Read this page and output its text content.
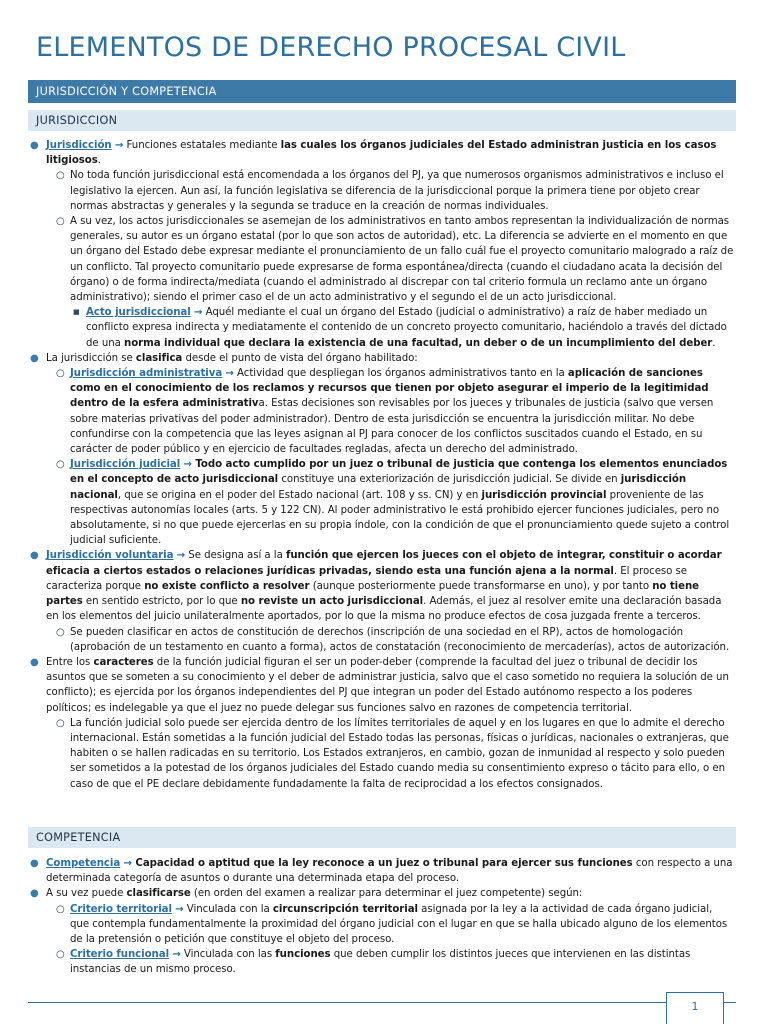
ELEMENTOS DE DERECHO PROCESAL CIVIL
JURISDICCIÓN Y COMPETENCIA
JURISDICCION

● Jurisdicción → Funciones estatales mediante las cuales los órganos judiciales del Estado administran justicia en los casos litigiosos.

○ No toda función jurisdiccional está encomendada a los órganos del PJ, ya que numerosos organismos administrativos e incluso el legislativo la ejercen. Aun así, la función legislativa se diferencia de la jurisdiccional porque la primera tiene por objeto crear normas abstractas y generales y la segunda se traduce en la creación de normas individuales.

○ A su vez, los actos jurisdiccionales se asemejan de los administrativos en tanto ambos representan la individualización de normas generales, su autor es un órgano estatal (por lo que son actos de autoridad), etc. La diferencia se advierte en el momento en que un órgano del Estado debe expresar mediante el pronunciamiento de un fallo cuál fue el proyecto comunitario malogrado a raíz de un conflicto. Tal proyecto comunitario puede expresarse de forma espontánea/directa (cuando el ciudadano acata la decisión del órgano) o de forma indirecta/mediata (cuando el administrado al discrepar con tal criterio formula un reclamo ante un órgano administrativo); siendo el primer caso el de un acto administrativo y el segundo el de un acto jurisdiccional.

■ Acto jurisdiccional → Aquél mediante el cual un órgano del Estado (judicial o administrativo) a raíz de haber mediado un conflicto expresa indirecta y mediatamente el contenido de un concreto proyecto comunitario, haciéndolo a través del dictado de una norma individual que declara la existencia de una facultad, un deber o de un incumplimiento del deber.

● La jurisdicción se clasifica desde el punto de vista del órgano habilitado:

○ Jurisdicción administrativa → Actividad que despliegan los órganos administrativos tanto en la aplicación de sanciones como en el conocimiento de los reclamos y recursos que tienen por objeto asegurar el imperio de la legitimidad dentro de la esfera administrativa. Estas decisiones son revisables por los jueces y tribunales de justicia (salvo que versen sobre materias privativas del poder administrador). Dentro de esta jurisdicción se encuentra la jurisdicción militar. No debe confundirse con la competencia que las leyes asignan al PJ para conocer de los conflictos suscitados cuando el Estado, en su carácter de poder público y en ejercicio de facultades regladas, afecta un derecho del administrado.

○ Jurisdicción judicial → Todo acto cumplido por un juez o tribunal de justicia que contenga los elementos enunciados en el concepto de acto jurisdiccional constituye una exteriorización de jurisdicción judicial. Se divide en jurisdicción nacional, que se origina en el poder del Estado nacional (art. 108 y ss. CN) y en jurisdicción provincial proveniente de las respectivas autonomías locales (arts. 5 y 122 CN). Al poder administrativo le está prohibido ejercer funciones judiciales, pero no absolutamente, si no que puede ejercerlas en su propia índole, con la condición de que el pronunciamiento quede sujeto a control judicial suficiente.

● Jurisdicción voluntaria → Se designa así a la función que ejercen los jueces con el objeto de integrar, constituir o acordar eficacia a ciertos estados o relaciones jurídicas privadas, siendo esta una función ajena a la normal. El proceso se caracteriza porque no existe conflicto a resolver (aunque posteriormente puede transformarse en uno), y por tanto no tiene partes en sentido estricto, por lo que no reviste un acto jurisdiccional. Además, el juez al resolver emite una declaración basada en los elementos del juicio unilateralmente aportados, por lo que la misma no produce efectos de cosa juzgada frente a terceros.

○ Se pueden clasificar en actos de constitución de derechos (inscripción de una sociedad en el RP), actos de homologación (aprobación de un testamento en cuanto a forma), actos de constatación (reconocimiento de mercaderías), actos de autorización.

● Entre los caracteres de la función judicial figuran el ser un poder-deber (comprende la facultad del juez o tribunal de decidir los asuntos que se someten a su conocimiento y el deber de administrar justicia, salvo que el caso sometido no requiera la solución de un conflicto); es ejercida por los órganos independientes del PJ que integran un poder del Estado autónomo respecto a los poderes políticos; es indelegable ya que el juez no puede delegar sus funciones salvo en razones de competencia territorial.

○ La función judicial solo puede ser ejercida dentro de los límites territoriales de aquel y en los lugares en que lo admite el derecho internacional. Están sometidas a la función judicial del Estado todas las personas, físicas o jurídicas, nacionales o extranjeras, que habiten o se hallen radicadas en su territorio. Los Estados extranjeros, en cambio, gozan de inmunidad al respecto y solo pueden ser sometidos a la potestad de los órganos judiciales del Estado cuando media su consentimiento expreso o tácito para ello, o en caso de que el PE declare debidamente fundadamente la falta de reciprocidad a los efectos consignados.

COMPETENCIA

● Competencia → Capacidad o aptitud que la ley reconoce a un juez o tribunal para ejercer sus funciones con respecto a una determinada categoría de asuntos o durante una determinada etapa del proceso.

● A su vez puede clasificarse (en orden del examen a realizar para determinar el juez competente) según:

○ Criterio territorial → Vinculada con la circunscripción territorial asignada por la ley a la actividad de cada órgano judicial, que contempla fundamentalmente la proximidad del órgano judicial con el lugar en que se halla ubicado alguno de los elementos de la pretensión o petición que constituye el objeto del proceso.

○ Criterio funcional → Vinculada con las funciones que deben cumplir los distintos jueces que intervienen en las distintas instancias de un mismo proceso.

1
